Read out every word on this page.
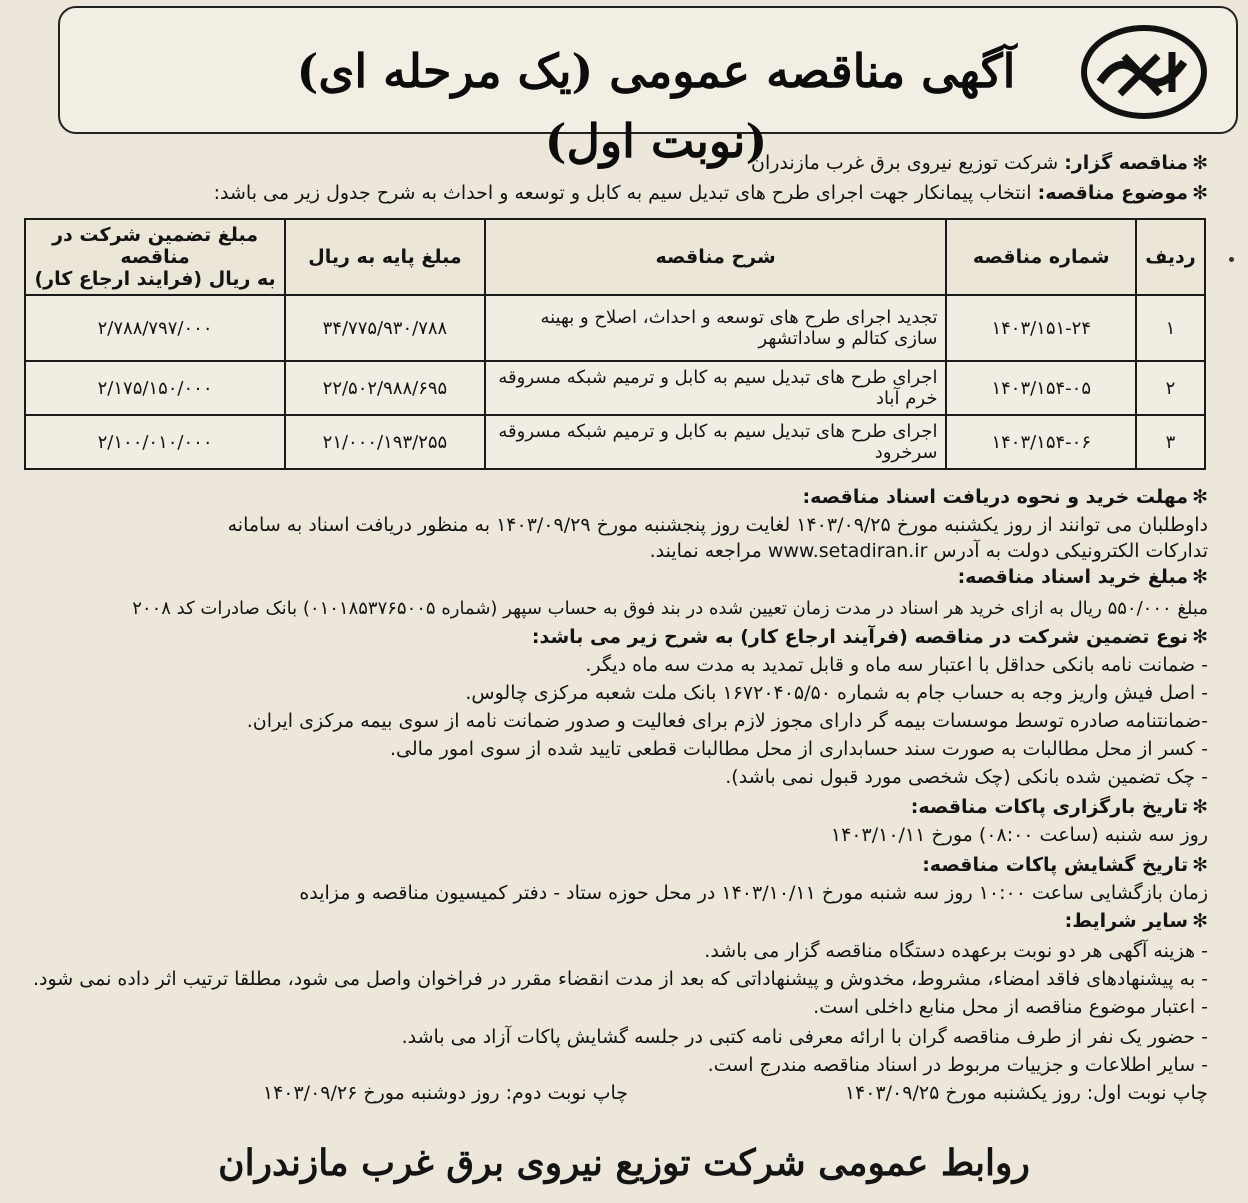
آگهی مناقصه عمومی (یک مرحله ای) (نوبت اول)	✻مناقصه گزار: شرکت توزیع نیروی برق غرب مازندران
✻موضوع مناقصه: انتخاب پیمانکار جهت اجرای طرح های تبدیل سیم به کابل و توسعه و احداث به شرح جدول زیر می باشد:
ردیف	شماره مناقصه	شرح مناقصه	مبلغ پایه به ریال	مبلغ تضمین شرکت در مناقصه
(فرایند ارجاع کار) به ریال

۱	۱۴۰۳/۱۵۱-۲۴	تجدید اجرای طرح های توسعه و احداث، اصلاح و بهینه سازی کتالم و ساداتشهر	۳۴/۷۷۵/۹۳۰/۷۸۸	۲/۷۸۸/۷۹۷/۰۰۰
۲	۱۴۰۳/۱۵۴-۰۵	اجرای طرح های تبدیل سیم به کابل و ترمیم شبکه مسروقه خرم آباد	۲۲/۵۰۲/۹۸۸/۶۹۵	۲/۱۷۵/۱۵۰/۰۰۰
۳	۱۴۰۳/۱۵۴-۰۶	اجرای طرح های تبدیل سیم به کابل و ترمیم شبکه مسروقه سرخرود	۲۱/۰۰۰/۱۹۳/۲۵۵	۲/۱۰۰/۰۱۰/۰۰۰
✻مهلت خرید و نحوه دریافت اسناد مناقصه:
داوطلبان می توانند از روز یکشنبه مورخ ۱۴۰۳/۰۹/۲۵ لغایت روز پنجشنبه مورخ ۱۴۰۳/۰۹/۲۹ به منظور دریافت اسناد به سامانه
تدارکات الکترونیکی دولت به آدرس www.setadiran.ir مراجعه نمایند.
✻مبلغ خرید اسناد مناقصه:
مبلغ ۵۵۰/۰۰۰ ریال به ازای خرید هر اسناد در مدت زمان تعیین شده در بند فوق به حساب سپهر (شماره ۰۱۰۱۸۵۳۷۶۵۰۰۵) بانک صادرات کد ۲۰۰۸
✻نوع تضمین شرکت در مناقصه (فرآیند ارجاع کار) به شرح زیر می باشد:
- ضمانت نامه بانکی حداقل با اعتبار سه ماه و قابل تمدید به مدت سه ماه دیگر.
- اصل فیش واریز وجه به حساب جام به شماره ۱۶۷۲۰۴۰۵/۵۰ بانک ملت شعبه مرکزی چالوس.
-ضمانتنامه صادره توسط موسسات بیمه گر دارای مجوز لازم برای فعالیت و صدور ضمانت نامه از سوی بیمه مرکزی ایران.
- کسر از محل مطالبات به صورت سند حسابداری از محل مطالبات قطعی تایید شده از سوی امور مالی.
- چک تضمین شده بانکی (چک شخصی مورد قبول نمی باشد).
✻تاریخ بارگزاری پاکات مناقصه:
روز سه شنبه (ساعت ۰۸:۰۰) مورخ ۱۴۰۳/۱۰/۱۱
✻تاریخ گشایش پاکات مناقصه:
زمان بازگشایی ساعت ۱۰:۰۰ روز سه شنبه مورخ ۱۴۰۳/۱۰/۱۱ در محل حوزه ستاد - دفتر کمیسیون مناقصه و مزایده
✻سایر شرایط:
- هزینه آگهی هر دو نوبت برعهده دستگاه مناقصه گزار می باشد.
- به پیشنهادهای فاقد امضاء، مشروط، مخدوش و پیشنهاداتی که بعد از مدت انقضاء مقرر در فراخوان واصل می شود، مطلقا ترتیب اثر داده نمی شود.
- اعتبار موضوع مناقصه از محل منابع داخلی است.
- حضور یک نفر از طرف مناقصه گران با ارائه معرفی نامه کتبی در جلسه گشایش پاکات آزاد می باشد.
- سایر اطلاعات و جزییات مربوط در اسناد مناقصه مندرج است.
چاپ نوبت اول: روز یکشنبه مورخ ۱۴۰۳/۰۹/۲۵
چاپ نوبت دوم: روز دوشنبه مورخ ۱۴۰۳/۰۹/۲۶
روابط عمومی شرکت توزیع نیروی برق غرب مازندران
